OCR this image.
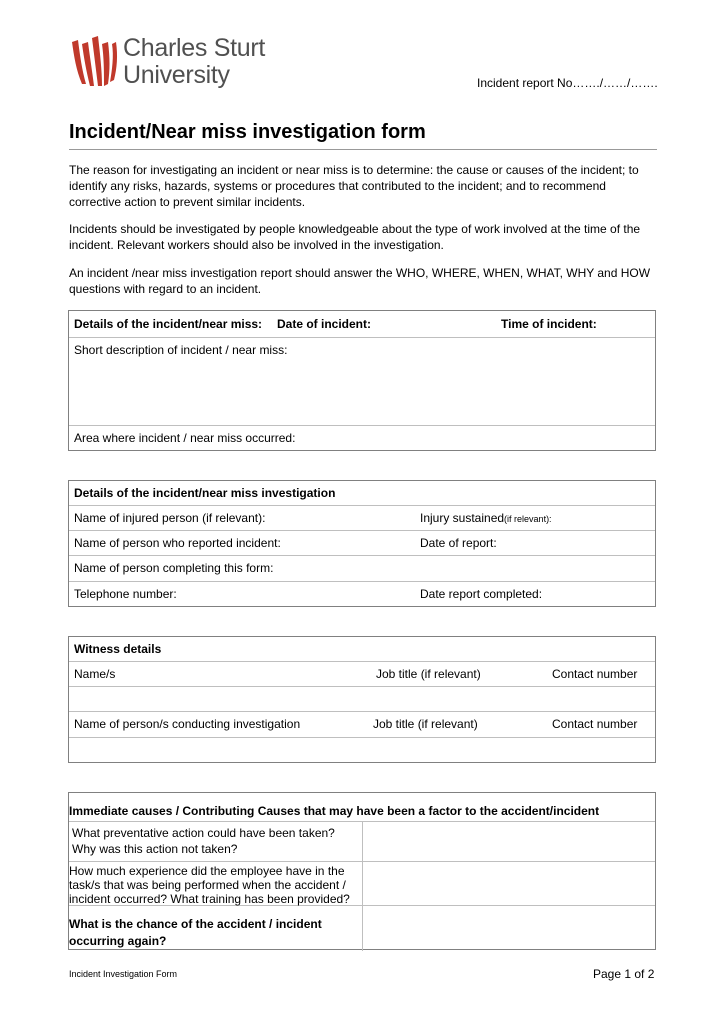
Charles Sturt
University	Incident report No……./……/…….
Incident/Near miss investigation form
The reason for investigating an incident or near miss is to determine: the cause or causes of the incident; to identify any risks, hazards, systems or procedures that contributed to the incident; and to recommend corrective action to prevent similar incidents.
Incidents should be investigated by people knowledgeable about the type of work involved at the time of the incident. Relevant workers should also be involved in the investigation.
An incident /near miss investigation report should answer the WHO, WHERE, WHEN, WHAT, WHY and HOW questions with regard to an incident.
Details of the incident/near miss: Date of incident:	Time of incident:
Short description of incident / near miss:
Area where incident / near miss occurred:
Details of the incident/near miss investigation
Name of injured person (if relevant):	Injury sustained(if relevant):
Name of person who reported incident:	Date of report:
Name of person completing this form:
Telephone number:	Date report completed:
Witness details
Name/s	Job title (if relevant)	Contact number
Name of person/s conducting investigation	Job title (if relevant)	Contact number
Immediate causes / Contributing Causes that may have been a factor to the accident/incident
What preventative action could have been taken?
Why was this action not taken?
How much experience did the employee have in the
task/s that was being performed when the accident /
incident occurred? What training has been provided?
What is the chance of the accident / incident
occurring again?
Incident Investigation Form	Page 1 of 2
